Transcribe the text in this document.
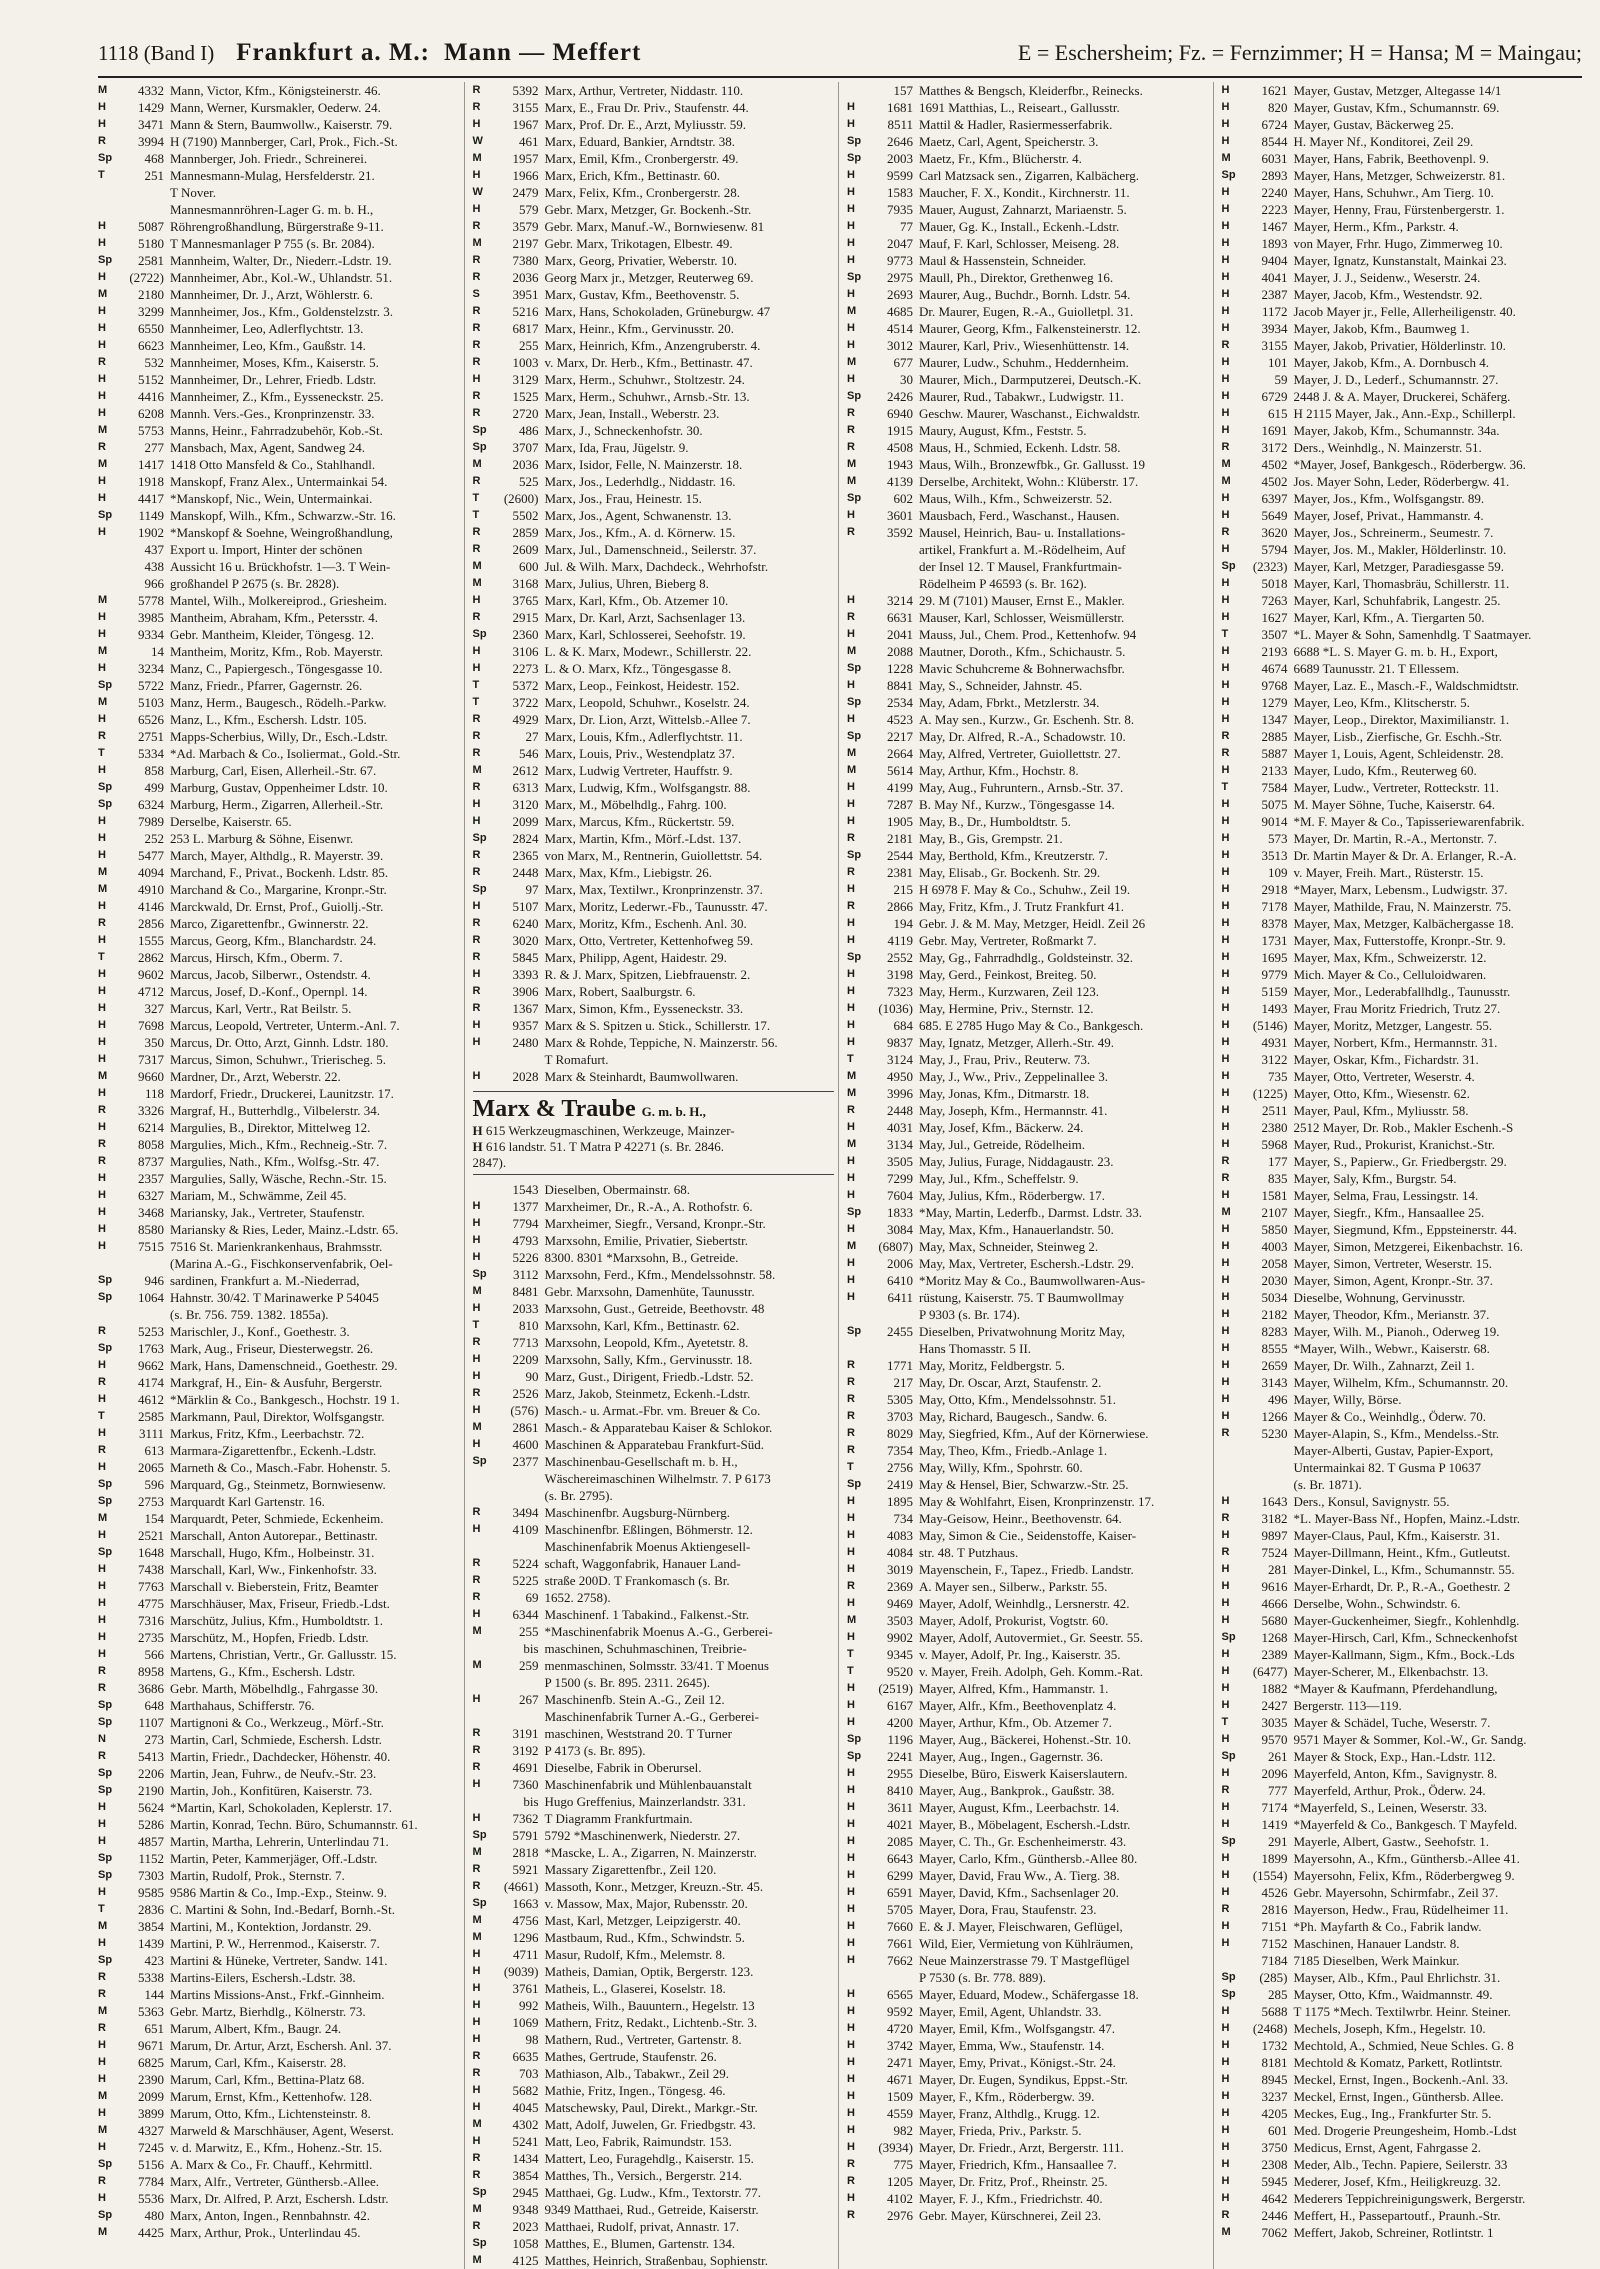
1118 (Band I) Frankfurt a. M.: Mann — Meffert	E = Eschersheim; Fz. = Fernzimmer; H = Hansa; M = Maingau;
M	4332 Mann, Victor, Kfm., Königsteinerstr. 46.
H	1429 Mann, Werner, Kursmakler, Oederw. 24.
H	3471 Mann & Stern, Baumwollw., Kaiserstr. 79.
R	3994 H (7190) Mannberger, Carl, Prok., Fich.-St.
Sp	468 Mannberger, Joh. Friedr., Schreinerei.
T	251 Mannesmann-Mulag, Hersfelderstr. 21.
T Nover.
Mannesmannröhren-Lager G. m. b. H.,
H	5087 Röhrengroßhandlung, Bürgerstraße 9-11.
H	5180 T Mannesmanlager P 755 (s. Br. 2084).
Sp	2581 Mannheim, Walter, Dr., Niederr.-Ldstr. 19.
H	(2722) Mannheimer, Abr., Kol.-W., Uhlandstr. 51.
M	2180 Mannheimer, Dr. J., Arzt, Wöhlerstr. 6.
H	3299 Mannheimer, Jos., Kfm., Goldenstelzstr. 3.
H	6550 Mannheimer, Leo, Adlerflychtstr. 13.
H	6623 Mannheimer, Leo, Kfm., Gaußstr. 14.
R	532 Mannheimer, Moses, Kfm., Kaiserstr. 5.
H	5152 Mannheimer, Dr., Lehrer, Friedb. Ldstr.
H	4416 Mannheimer, Z., Kfm., Eysseneckstr. 25.
H	6208 Mannh. Vers.-Ges., Kronprinzenstr. 33.
M	5753 Manns, Heinr., Fahrradzubehör, Kob.-St.
R	277 Mansbach, Max, Agent, Sandweg 24.
M	1417 1418 Otto Mansfeld & Co., Stahlhandl.
H	1918 Manskopf, Franz Alex., Untermainkai 54.
H	4417 *Manskopf, Nic., Wein, Untermainkai.
Sp	1149 Manskopf, Wilh., Kfm., Schwarzw.-Str. 16.
H	1902 *Manskopf & Soehne, Weingroßhandlung,
437 Export u. Import, Hinter der schönen
438 Aussicht 16 u. Brückhofstr. 1—3. T Wein-
966 großhandel P 2675 (s. Br. 2828).
M	5778 Mantel, Wilh., Molkereiprod., Griesheim.
H	3985 Mantheim, Abraham, Kfm., Petersstr. 4.
H	9334 Gebr. Mantheim, Kleider, Töngesg. 12.
M	14 Mantheim, Moritz, Kfm., Rob. Mayerstr.
H	3234 Manz, C., Papiergesch., Töngesgasse 10.
Sp	5722 Manz, Friedr., Pfarrer, Gagernstr. 26.
M	5103 Manz, Herm., Baugesch., Rödelh.-Parkw.
H	6526 Manz, L., Kfm., Eschersh. Ldstr. 105.
R	2751 Mapps-Scherbius, Willy, Dr., Esch.-Ldstr.
T	5334 *Ad. Marbach & Co., Isoliermat., Gold.-Str.
H	858 Marburg, Carl, Eisen, Allerheil.-Str. 67.
Sp	499 Marburg, Gustav, Oppenheimer Ldstr. 10.
Sp	6324 Marburg, Herm., Zigarren, Allerheil.-Str.
H	7989 Derselbe, Kaiserstr. 65.
H	252 253 L. Marburg & Söhne, Eisenwr.
H	5477 March, Mayer, Althdlg., R. Mayerstr. 39.
M	4094 Marchand, F., Privat., Bockenh. Ldstr. 85.
M	4910 Marchand & Co., Margarine, Kronpr.-Str.
H	4146 Marckwald, Dr. Ernst, Prof., Guiollj.-Str.
R	2856 Marco, Zigarettenfbr., Gwinnerstr. 22.
H	1555 Marcus, Georg, Kfm., Blanchardstr. 24.
T	2862 Marcus, Hirsch, Kfm., Oberm. 7.
H	9602 Marcus, Jacob, Silberwr., Ostendstr. 4.
H	4712 Marcus, Josef, D.-Konf., Opernpl. 14.
H	327 Marcus, Karl, Vertr., Rat Beilstr. 5.
H	7698 Marcus, Leopold, Vertreter, Unterm.-Anl. 7.
H	350 Marcus, Dr. Otto, Arzt, Ginnh. Ldstr. 180.
H	7317 Marcus, Simon, Schuhwr., Trierischeg. 5.
M	9660 Mardner, Dr., Arzt, Weberstr. 22.
H	118 Mardorf, Friedr., Druckerei, Launitzstr. 17.
R	3326 Margraf, H., Butterhdlg., Vilbelerstr. 34.
H	6214 Margulies, B., Direktor, Mittelweg 12.
R	8058 Margulies, Mich., Kfm., Rechneig.-Str. 7.
R	8737 Margulies, Nath., Kfm., Wolfsg.-Str. 47.
H	2357 Margulies, Sally, Wäsche, Rechn.-Str. 15.
H	6327 Mariam, M., Schwämme, Zeil 45.
H	3468 Mariansky, Jak., Vertreter, Staufenstr.
H	8580 Mariansky & Ries, Leder, Mainz.-Ldstr. 65.
H	7515 7516 St. Marienkrankenhaus, Brahmsstr.
(Marina A.-G., Fischkonservenfabrik, Oel-
Sp	946 sardinen, Frankfurt a. M.-Niederrad,
Sp	1064 Hahnstr. 30/42. T Marinawerke P 54045
(s. Br. 756. 759. 1382. 1855a).
R	5253 Marischler, J., Konf., Goethestr. 3.
Sp	1763 Mark, Aug., Friseur, Diesterwegstr. 26.
H	9662 Mark, Hans, Damenschneid., Goethestr. 29.
R	4174 Markgraf, H., Ein- & Ausfuhr, Bergerstr.
H	4612 *Märklin & Co., Bankgesch., Hochstr. 19 1.
T	2585 Markmann, Paul, Direktor, Wolfsgangstr.
H	3111 Markus, Fritz, Kfm., Leerbachstr. 72.
R	613 Marmara-Zigarettenfbr., Eckenh.-Ldstr.
H	2065 Marneth & Co., Masch.-Fabr. Hohenstr. 5.
Sp	596 Marquard, Gg., Steinmetz, Bornwiesenw.
Sp	2753 Marquardt Karl Gartenstr. 16.
M	154 Marquardt, Peter, Schmiede, Eckenheim.
H	2521 Marschall, Anton Autorepar., Bettinastr.
Sp	1648 Marschall, Hugo, Kfm., Holbeinstr. 31.
H	7438 Marschall, Karl, Ww., Finkenhofstr. 33.
H	7763 Marschall v. Bieberstein, Fritz, Beamter
H	4775 Marschhäuser, Max, Friseur, Friedb.-Ldst.
H	7316 Marschütz, Julius, Kfm., Humboldtstr. 1.
H	2735 Marschütz, M., Hopfen, Friedb. Ldstr.
H	566 Martens, Christian, Vertr., Gr. Gallusstr. 15.
R	8958 Martens, G., Kfm., Eschersh. Ldstr.
R	3686 Gebr. Marth, Möbelhdlg., Fahrgasse 30.
Sp	648 Marthahaus, Schifferstr. 76.
Sp	1107 Martignoni & Co., Werkzeug., Mörf.-Str.
N	273 Martin, Carl, Schmiede, Eschersh. Ldstr.
R	5413 Martin, Friedr., Dachdecker, Höhenstr. 40.
Sp	2206 Martin, Jean, Fuhrw., de Neufv.-Str. 23.
Sp	2190 Martin, Joh., Konfitüren, Kaiserstr. 73.
H	5624 *Martin, Karl, Schokoladen, Keplerstr. 17.
H	5286 Martin, Konrad, Techn. Büro, Schumannstr. 61.
H	4857 Martin, Martha, Lehrerin, Unterlindau 71.
Sp	1152 Martin, Peter, Kammerjäger, Off.-Ldstr.
Sp	7303 Martin, Rudolf, Prok., Sternstr. 7.
H	9585 9586 Martin & Co., Imp.-Exp., Steinw. 9.
T	2836 C. Martini & Sohn, Ind.-Bedarf, Bornh.-St.
M	3854 Martini, M., Kontektion, Jordanstr. 29.
H	1439 Martini, P. W., Herrenmod., Kaiserstr. 7.
Sp	423 Martini & Hüneke, Vertreter, Sandw. 141.
R	5338 Martins-Eilers, Eschersh.-Ldstr. 38.
R	144 Martins Missions-Anst., Frkf.-Ginnheim.
M	5363 Gebr. Martz, Bierhdlg., Kölnerstr. 73.
R	651 Marum, Albert, Kfm., Baugr. 24.
H	9671 Marum, Dr. Artur, Arzt, Eschersh. Anl. 37.
H	6825 Marum, Carl, Kfm., Kaiserstr. 28.
H	2390 Marum, Carl, Kfm., Bettina-Platz 68.
M	2099 Marum, Ernst, Kfm., Kettenhofw. 128.
H	3899 Marum, Otto, Kfm., Lichtensteinstr. 8.
M	4327 Marweld & Marschhäuser, Agent, Weserst.
H	7245 v. d. Marwitz, E., Kfm., Hohenz.-Str. 15.
Sp	5156 A. Marx & Co., Fr. Chauff., Kehrmittl.
R	7784 Marx, Alfr., Vertreter, Günthersb.-Allee.
H	5536 Marx, Dr. Alfred, P. Arzt, Eschersh. Ldstr.
Sp	480 Marx, Anton, Ingen., Rennbahnstr. 42.
M	4425 Marx, Arthur, Prok., Unterlindau 45.
R	5392 Marx, Arthur, Vertreter, Niddastr. 110.
R	3155 Marx, E., Frau Dr. Priv., Staufenstr. 44.
H	1967 Marx, Prof. Dr. E., Arzt, Myliusstr. 59.
W	461 Marx, Eduard, Bankier, Arndtstr. 38.
M	1957 Marx, Emil, Kfm., Cronbergerstr. 49.
H	1966 Marx, Erich, Kfm., Bettinastr. 60.
W	2479 Marx, Felix, Kfm., Cronbergerstr. 28.
H	579 Gebr. Marx, Metzger, Gr. Bockenh.-Str.
R	3579 Gebr. Marx, Manuf.-W., Bornwiesenw. 81
M	2197 Gebr. Marx, Trikotagen, Elbestr. 49.
R	7380 Marx, Georg, Privatier, Weberstr. 10.
R	2036 Georg Marx jr., Metzger, Reuterweg 69.
S	3951 Marx, Gustav, Kfm., Beethovenstr. 5.
R	5216 Marx, Hans, Schokoladen, Grüneburgw. 47
R	6817 Marx, Heinr., Kfm., Gervinusstr. 20.
R	255 Marx, Heinrich, Kfm., Anzengruberstr. 4.
R	1003 v. Marx, Dr. Herb., Kfm., Bettinastr. 47.
H	3129 Marx, Herm., Schuhwr., Stoltzestr. 24.
R	1525 Marx, Herm., Schuhwr., Arnsb.-Str. 13.
R	2720 Marx, Jean, Install., Weberstr. 23.
Sp	486 Marx, J., Schneckenhofstr. 30.
Sp	3707 Marx, Ida, Frau, Jügelstr. 9.
M	2036 Marx, Isidor, Felle, N. Mainzerstr. 18.
R	525 Marx, Jos., Lederhdlg., Niddastr. 16.
T	(2600) Marx, Jos., Frau, Heinestr. 15.
T	5502 Marx, Jos., Agent, Schwanenstr. 13.
R	2859 Marx, Jos., Kfm., A. d. Körnerw. 15.
R	2609 Marx, Jul., Damenschneid., Seilerstr. 37.
M	600 Jul. & Wilh. Marx, Dachdeck., Wehrhofstr.
M	3168 Marx, Julius, Uhren, Bieberg 8.
H	3765 Marx, Karl, Kfm., Ob. Atzemer 10.
R	2915 Marx, Dr. Karl, Arzt, Sachsenlager 13.
Sp	2360 Marx, Karl, Schlosserei, Seehofstr. 19.
H	3106 L. & K. Marx, Modewr., Schillerstr. 22.
H	2273 L. & O. Marx, Kfz., Töngesgasse 8.
T	5372 Marx, Leop., Feinkost, Heidestr. 152.
T	3722 Marx, Leopold, Schuhwr., Koselstr. 24.
R	4929 Marx, Dr. Lion, Arzt, Wittelsb.-Allee 7.
R	27 Marx, Louis, Kfm., Adlerflychtstr. 11.
R	546 Marx, Louis, Priv., Westendplatz 37.
M	2612 Marx, Ludwig Vertreter, Hauffstr. 9.
R	6313 Marx, Ludwig, Kfm., Wolfsgangstr. 88.
H	3120 Marx, M., Möbelhdlg., Fahrg. 100.
H	2099 Marx, Marcus, Kfm., Rückertstr. 59.
Sp	2824 Marx, Martin, Kfm., Mörf.-Ldst. 137.
R	2365 von Marx, M., Rentnerin, Guiollettstr. 54.
R	2448 Marx, Max, Kfm., Liebigstr. 26.
Sp	97 Marx, Max, Textilwr., Kronprinzenstr. 37.
H	5107 Marx, Moritz, Lederwr.-Fb., Taunusstr. 47.
R	6240 Marx, Moritz, Kfm., Eschenh. Anl. 30.
R	3020 Marx, Otto, Vertreter, Kettenhofweg 59.
R	5845 Marx, Philipp, Agent, Haidestr. 29.
H	3393 R. & J. Marx, Spitzen, Liebfrauenstr. 2.
R	3906 Marx, Robert, Saalburgstr. 6.
R	1367 Marx, Simon, Kfm., Eysseneckstr. 33.
H	9357 Marx & S. Spitzen u. Stick., Schillerstr. 17.
H	2480 Marx & Rohde, Teppiche, N. Mainzerstr. 56.
T Romafurt.
H	2028 Marx & Steinhardt, Baumwollwaren.
Marx & Traube G. m. b. H.,
H 615 Werkzeugmaschinen, Werkzeuge, Mainzer-
H 616 landstr. 51. T Matra P 42271 (s. Br. 2846.
2847).
1543 Dieselben, Obermainstr. 68.
H	1377 Marxheimer, Dr., R.-A., A. Rothofstr. 6.
H	7794 Marxheimer, Siegfr., Versand, Kronpr.-Str.
H	4793 Marxsohn, Emilie, Privatier, Siebertstr.
H	5226 8300. 8301 *Marxsohn, B., Getreide.
Sp	3112 Marxsohn, Ferd., Kfm., Mendelssohnstr. 58.
M	8481 Gebr. Marxsohn, Damenhüte, Taunusstr.
H	2033 Marxsohn, Gust., Getreide, Beethovstr. 48
T	810 Marxsohn, Karl, Kfm., Bettinastr. 62.
R	7713 Marxsohn, Leopold, Kfm., Ayetetstr. 8.
H	2209 Marxsohn, Sally, Kfm., Gervinusstr. 18.
H	90 Marz, Gust., Dirigent, Friedb.-Ldstr. 52.
R	2526 Marz, Jakob, Steinmetz, Eckenh.-Ldstr.
H	(576) Masch.- u. Armat.-Fbr. vm. Breuer & Co.
M	2861 Masch.- & Apparatebau Kaiser & Schlokor.
H	4600 Maschinen & Apparatebau Frankfurt-Süd.
Sp	2377 Maschinenbau-Gesellschaft m. b. H.,
Wäschereimaschinen Wilhelmstr. 7. P 6173
(s. Br. 2795).
R	3494 Maschinenfbr. Augsburg-Nürnberg.
H	4109 Maschinenfbr. Eßlingen, Böhmerstr. 12.
Maschinenfabrik Moenus Aktiengesell-
R	5224 schaft, Waggonfabrik, Hanauer Land-
R	5225 straße 200D. T Frankomasch (s. Br.
R	69 1652. 2758).
H	6344 Maschinenf. 1 Tabakind., Falkenst.-Str.
M	255 *Maschinenfabrik Moenus A.-G., Gerberei-
bis maschinen, Schuhmaschinen, Treibrie-
M	259 menmaschinen, Solmsstr. 33/41. T Moenus
P 1500 (s. Br. 895. 2311. 2645).
H	267 Maschinenfb. Stein A.-G., Zeil 12.
Maschinenfabrik Turner A.-G., Gerberei-
R	3191 maschinen, Weststrand 20. T Turner
R	3192 P 4173 (s. Br. 895).
R	4691 Dieselbe, Fabrik in Oberursel.
H	7360 Maschinenfabrik und Mühlenbauanstalt
bis Hugo Greffenius, Mainzerlandstr. 331.
H	7362 T Diagramm Frankfurtmain.
Sp	5791 5792 *Maschinenwerk, Niederstr. 27.
M	2818 *Mascke, L. A., Zigarren, N. Mainzerstr.
R	5921 Massary Zigarettenfbr., Zeil 120.
R	(4661) Massoth, Konr., Metzger, Kreuzn.-Str. 45.
Sp	1663 v. Massow, Max, Major, Rubensstr. 20.
M	4756 Mast, Karl, Metzger, Leipzigerstr. 40.
M	1296 Mastbaum, Rud., Kfm., Schwindstr. 5.
H	4711 Masur, Rudolf, Kfm., Melemstr. 8.
H	(9039) Matheis, Damian, Optik, Bergerstr. 123.
H	3761 Matheis, L., Glaserei, Koselstr. 18.
H	992 Matheis, Wilh., Bauuntern., Hegelstr. 13
H	1069 Mathern, Fritz, Redakt., Lichtenb.-Str. 3.
H	98 Mathern, Rud., Vertreter, Gartenstr. 8.
R	6635 Mathes, Gertrude, Staufenstr. 26.
R	703 Mathiason, Alb., Tabakwr., Zeil 29.
H	5682 Mathie, Fritz, Ingen., Töngesg. 46.
H	4045 Matschewsky, Paul, Direkt., Markgr.-Str.
M	4302 Matt, Adolf, Juwelen, Gr. Friedbgstr. 43.
H	5241 Matt, Leo, Fabrik, Raimundstr. 153.
R	1434 Mattert, Leo, Furagehdlg., Kaiserstr. 15.
R	3854 Matthes, Th., Versich., Bergerstr. 214.
Sp	2945 Matthaei, Gg. Ludw., Kfm., Textorstr. 77.
M	9348 9349 Matthaei, Rud., Getreide, Kaiserstr.
R	2023 Matthaei, Rudolf, privat, Annastr. 17.
Sp	1058 Matthes, E., Blumen, Gartenstr. 134.
M	4125 Matthes, Heinrich, Straßenbau, Sophienstr.
157 Matthes & Bengsch, Kleiderfbr., Reinecks.
H	1681 1691 Matthias, L., Reiseart., Gallusstr.
H	8511 Mattil & Hadler, Rasiermesserfabrik.
Sp	2646 Maetz, Carl, Agent, Speicherstr. 3.
Sp	2003 Maetz, Fr., Kfm., Blücherstr. 4.
H	9599 Carl Matzsack sen., Zigarren, Kalbächerg.
H	1583 Maucher, F. X., Kondit., Kirchnerstr. 11.
H	7935 Mauer, August, Zahnarzt, Mariaenstr. 5.
H	77 Mauer, Gg. K., Install., Eckenh.-Ldstr.
H	2047 Mauf, F. Karl, Schlosser, Meiseng. 28.
H	9773 Maul & Hassenstein, Schneider.
Sp	2975 Maull, Ph., Direktor, Grethenweg 16.
H	2693 Maurer, Aug., Buchdr., Bornh. Ldstr. 54.
M	4685 Dr. Maurer, Eugen, R.-A., Guiolletpl. 31.
H	4514 Maurer, Georg, Kfm., Falkensteinerstr. 12.
H	3012 Maurer, Karl, Priv., Wiesenhüttenstr. 14.
M	677 Maurer, Ludw., Schuhm., Heddernheim.
H	30 Maurer, Mich., Darmputzerei, Deutsch.-K.
Sp	2426 Maurer, Rud., Tabakwr., Ludwigstr. 11.
R	6940 Geschw. Maurer, Waschanst., Eichwaldstr.
R	1915 Maury, August, Kfm., Feststr. 5.
R	4508 Maus, H., Schmied, Eckenh. Ldstr. 58.
M	1943 Maus, Wilh., Bronzewfbk., Gr. Gallusst. 19
M	4139 Derselbe, Architekt, Wohn.: Klüberstr. 17.
Sp	602 Maus, Wilh., Kfm., Schweizerstr. 52.
H	3601 Mausbach, Ferd., Waschanst., Hausen.
R	3592 Mausel, Heinrich, Bau- u. Installations-
artikel, Frankfurt a. M.-Rödelheim, Auf
der Insel 12. T Mausel, Frankfurtmain-
Rödelheim P 46593 (s. Br. 162).
H	3214 29. M (7101) Mauser, Ernst E., Makler.
R	6631 Mauser, Karl, Schlosser, Weismüllerstr.
H	2041 Mauss, Jul., Chem. Prod., Kettenhofw. 94
M	2088 Mautner, Doroth., Kfm., Schichaustr. 5.
Sp	1228 Mavic Schuhcreme & Bohnerwachsfbr.
H	8841 May, S., Schneider, Jahnstr. 45.
Sp	2534 May, Adam, Fbrkt., Metzlerstr. 34.
H	4523 A. May sen., Kurzw., Gr. Eschenh. Str. 8.
Sp	2217 May, Dr. Alfred, R.-A., Schadowstr. 10.
M	2664 May, Alfred, Vertreter, Guiollettstr. 27.
M	5614 May, Arthur, Kfm., Hochstr. 8.
H	4199 May, Aug., Fuhruntern., Arnsb.-Str. 37.
H	7287 B. May Nf., Kurzw., Töngesgasse 14.
H	1905 May, B., Dr., Humboldtstr. 5.
R	2181 May, B., Gis, Grempstr. 21.
Sp	2544 May, Berthold, Kfm., Kreutzerstr. 7.
R	2381 May, Elisab., Gr. Bockenh. Str. 29.
H	215 H 6978 F. May & Co., Schuhw., Zeil 19.
R	2866 May, Fritz, Kfm., J. Trutz Frankfurt 41.
H	194 Gebr. J. & M. May, Metzger, Heidl. Zeil 26
H	4119 Gebr. May, Vertreter, Roßmarkt 7.
Sp	2552 May, Gg., Fahrradhdlg., Goldsteinstr. 32.
H	3198 May, Gerd., Feinkost, Breiteg. 50.
H	7323 May, Herm., Kurzwaren, Zeil 123.
H	(1036) May, Hermine, Priv., Sternstr. 12.
H	684 685. E 2785 Hugo May & Co., Bankgesch.
H	9837 May, Ignatz, Metzger, Allerh.-Str. 49.
T	3124 May, J., Frau, Priv., Reuterw. 73.
M	4950 May, J., Ww., Priv., Zeppelinallee 3.
M	3996 May, Jonas, Kfm., Ditmarstr. 18.
R	2448 May, Joseph, Kfm., Hermannstr. 41.
H	4031 May, Josef, Kfm., Bäckerw. 24.
M	3134 May, Jul., Getreide, Rödelheim.
H	3505 May, Julius, Furage, Niddagaustr. 23.
H	7299 May, Jul., Kfm., Scheffelstr. 9.
H	7604 May, Julius, Kfm., Röderbergw. 17.
Sp	1833 *May, Martin, Lederfb., Darmst. Ldstr. 33.
H	3084 May, Max, Kfm., Hanauerlandstr. 50.
M	(6807) May, Max, Schneider, Steinweg 2.
H	2006 May, Max, Vertreter, Eschersh.-Ldstr. 29.
H	6410 *Moritz May & Co., Baumwollwaren-Aus-
H	6411 rüstung, Kaiserstr. 75. T Baumwollmay
P 9303 (s. Br. 174).
Sp	2455 Dieselben, Privatwohnung Moritz May,
Hans Thomasstr. 5 II.
R	1771 May, Moritz, Feldbergstr. 5.
R	217 May, Dr. Oscar, Arzt, Staufenstr. 2.
R	5305 May, Otto, Kfm., Mendelssohnstr. 51.
R	3703 May, Richard, Baugesch., Sandw. 6.
R	8029 May, Siegfried, Kfm., Auf der Körnerwiese.
R	7354 May, Theo, Kfm., Friedb.-Anlage 1.
T	2756 May, Willy, Kfm., Spohrstr. 60.
Sp	2419 May & Hensel, Bier, Schwarzw.-Str. 25.
H	1895 May & Wohlfahrt, Eisen, Kronprinzenstr. 17.
H	734 May-Geisow, Heinr., Beethovenstr. 64.
H	4083 May, Simon & Cie., Seidenstoffe, Kaiser-
H	4084 str. 48. T Putzhaus.
H	3019 Mayenschein, F., Tapez., Friedb. Landstr.
R	2369 A. Mayer sen., Silberw., Parkstr. 55.
H	9469 Mayer, Adolf, Weinhdlg., Lersnerstr. 42.
M	3503 Mayer, Adolf, Prokurist, Vogtstr. 60.
H	9902 Mayer, Adolf, Autovermiet., Gr. Seestr. 55.
T	9345 v. Mayer, Adolf, Pr. Ing., Kaiserstr. 35.
T	9520 v. Mayer, Freih. Adolph, Geh. Komm.-Rat.
H	(2519) Mayer, Alfred, Kfm., Hammanstr. 1.
H	6167 Mayer, Alfr., Kfm., Beethovenplatz 4.
H	4200 Mayer, Arthur, Kfm., Ob. Atzemer 7.
Sp	1196 Mayer, Aug., Bäckerei, Hohenst.-Str. 10.
Sp	2241 Mayer, Aug., Ingen., Gagernstr. 36.
H	2955 Dieselbe, Büro, Eiswerk Kaiserslautern.
H	8410 Mayer, Aug., Bankprok., Gaußstr. 38.
H	3611 Mayer, August, Kfm., Leerbachstr. 14.
H	4021 Mayer, B., Möbelagent, Eschersh.-Ldstr.
H	2085 Mayer, C. Th., Gr. Eschenheimerstr. 43.
H	6643 Mayer, Carlo, Kfm., Günthersb.-Allee 80.
H	6299 Mayer, David, Frau Ww., A. Tierg. 38.
H	6591 Mayer, David, Kfm., Sachsenlager 20.
H	5705 Mayer, Dora, Frau, Staufenstr. 23.
H	7660 E. & J. Mayer, Fleischwaren, Geflügel,
H	7661 Wild, Eier, Vermietung von Kühlräumen,
H	7662 Neue Mainzerstrasse 79. T Mastgeflügel
P 7530 (s. Br. 778. 889).
H	6565 Mayer, Eduard, Modew., Schäfergasse 18.
H	9592 Mayer, Emil, Agent, Uhlandstr. 33.
H	4720 Mayer, Emil, Kfm., Wolfsgangstr. 47.
H	3742 Mayer, Emma, Ww., Staufenstr. 14.
H	2471 Mayer, Emy, Privat., Königst.-Str. 24.
H	4671 Mayer, Dr. Eugen, Syndikus, Eppst.-Str.
H	1509 Mayer, F., Kfm., Röderbergw. 39.
H	4559 Mayer, Franz, Althdlg., Krugg. 12.
H	982 Mayer, Frieda, Priv., Parkstr. 5.
H	(3934) Mayer, Dr. Friedr., Arzt, Bergerstr. 111.
R	775 Mayer, Friedrich, Kfm., Hansaallee 7.
R	1205 Mayer, Dr. Fritz, Prof., Rheinstr. 25.
H	4102 Mayer, F. J., Kfm., Friedrichstr. 40.
R	2976 Gebr. Mayer, Kürschnerei, Zeil 23.
H	1621 Mayer, Gustav, Metzger, Altegasse 14/1
H	820 Mayer, Gustav, Kfm., Schumannstr. 69.
H	6724 Mayer, Gustav, Bäckerweg 25.
H	8544 H. Mayer Nf., Konditorei, Zeil 29.
M	6031 Mayer, Hans, Fabrik, Beethovenpl. 9.
Sp	2893 Mayer, Hans, Metzger, Schweizerstr. 81.
H	2240 Mayer, Hans, Schuhwr., Am Tierg. 10.
H	2223 Mayer, Henny, Frau, Fürstenbergerstr. 1.
H	1467 Mayer, Herm., Kfm., Parkstr. 4.
H	1893 von Mayer, Frhr. Hugo, Zimmerweg 10.
H	9404 Mayer, Ignatz, Kunstanstalt, Mainkai 23.
H	4041 Mayer, J. J., Seidenw., Weserstr. 24.
H	2387 Mayer, Jacob, Kfm., Westendstr. 92.
H	1172 Jacob Mayer jr., Felle, Allerheiligenstr. 40.
H	3934 Mayer, Jakob, Kfm., Baumweg 1.
R	3155 Mayer, Jakob, Privatier, Hölderlinstr. 10.
H	101 Mayer, Jakob, Kfm., A. Dornbusch 4.
H	59 Mayer, J. D., Lederf., Schumannstr. 27.
H	6729 2448 J. & A. Mayer, Druckerei, Schäferg.
H	615 H 2115 Mayer, Jak., Ann.-Exp., Schillerpl.
H	1691 Mayer, Jakob, Kfm., Schumannstr. 34a.
R	3172 Ders., Weinhdlg., N. Mainzerstr. 51.
M	4502 *Mayer, Josef, Bankgesch., Röderbergw. 36.
M	4502 Jos. Mayer Sohn, Leder, Röderbergw. 41.
H	6397 Mayer, Jos., Kfm., Wolfsgangstr. 89.
H	5649 Mayer, Josef, Privat., Hammanstr. 4.
R	3620 Mayer, Jos., Schreinerm., Seumestr. 7.
H	5794 Mayer, Jos. M., Makler, Hölderlinstr. 10.
Sp	(2323) Mayer, Karl, Metzger, Paradiesgasse 59.
H	5018 Mayer, Karl, Thomasbräu, Schillerstr. 11.
H	7263 Mayer, Karl, Schuhfabrik, Langestr. 25.
H	1627 Mayer, Karl, Kfm., A. Tiergarten 50.
T	3507 *L. Mayer & Sohn, Samenhdlg. T Saatmayer.
H	2193 6688 *L. S. Mayer G. m. b. H., Export,
H	4674 6689 Taunusstr. 21. T Ellessem.
H	9768 Mayer, Laz. E., Masch.-F., Waldschmidtstr.
H	1279 Mayer, Leo, Kfm., Klitscherstr. 5.
H	1347 Mayer, Leop., Direktor, Maximilianstr. 1.
R	2885 Mayer, Lisb., Zierfische, Gr. Eschh.-Str.
R	5887 Mayer 1, Louis, Agent, Schleidenstr. 28.
H	2133 Mayer, Ludo, Kfm., Reuterweg 60.
T	7584 Mayer, Ludw., Vertreter, Rotteckstr. 11.
H	5075 M. Mayer Söhne, Tuche, Kaiserstr. 64.
H	9014 *M. F. Mayer & Co., Tapisseriewarenfabrik.
H	573 Mayer, Dr. Martin, R.-A., Mertonstr. 7.
H	3513 Dr. Martin Mayer & Dr. A. Erlanger, R.-A.
H	109 v. Mayer, Freih. Mart., Rüsterstr. 15.
H	2918 *Mayer, Marx, Lebensm., Ludwigstr. 37.
H	7178 Mayer, Mathilde, Frau, N. Mainzerstr. 75.
H	8378 Mayer, Max, Metzger, Kalbächergasse 18.
H	1731 Mayer, Max, Futterstoffe, Kronpr.-Str. 9.
H	1695 Mayer, Max, Kfm., Schweizerstr. 12.
H	9779 Mich. Mayer & Co., Celluloidwaren.
H	5159 Mayer, Mor., Lederabfallhdlg., Taunusstr.
H	1493 Mayer, Frau Moritz Friedrich, Trutz 27.
H	(5146) Mayer, Moritz, Metzger, Langestr. 55.
H	4931 Mayer, Norbert, Kfm., Hermannstr. 31.
H	3122 Mayer, Oskar, Kfm., Fichardstr. 31.
H	735 Mayer, Otto, Vertreter, Weserstr. 4.
H	(1225) Mayer, Otto, Kfm., Wiesenstr. 62.
H	2511 Mayer, Paul, Kfm., Myliusstr. 58.
H	2380 2512 Mayer, Dr. Rob., Makler Eschenh.-S
H	5968 Mayer, Rud., Prokurist, Kranichst.-Str.
R	177 Mayer, S., Papierw., Gr. Friedbergstr. 29.
R	835 Mayer, Saly, Kfm., Burgstr. 54.
H	1581 Mayer, Selma, Frau, Lessingstr. 14.
M	2107 Mayer, Siegfr., Kfm., Hansaallee 25.
H	5850 Mayer, Siegmund, Kfm., Eppsteinerstr. 44.
H	4003 Mayer, Simon, Metzgerei, Eikenbachstr. 16.
H	2058 Mayer, Simon, Vertreter, Weserstr. 15.
H	2030 Mayer, Simon, Agent, Kronpr.-Str. 37.
H	5034 Dieselbe, Wohnung, Gervinusstr.
H	2182 Mayer, Theodor, Kfm., Merianstr. 37.
H	8283 Mayer, Wilh. M., Pianoh., Oderweg 19.
H	8555 *Mayer, Wilh., Webwr., Kaiserstr. 68.
H	2659 Mayer, Dr. Wilh., Zahnarzt, Zeil 1.
H	3143 Mayer, Wilhelm, Kfm., Schumannstr. 20.
H	496 Mayer, Willy, Börse.
H	1266 Mayer & Co., Weinhdlg., Öderw. 70.
R	5230 Mayer-Alapin, S., Kfm., Mendelss.-Str.
Mayer-Alberti, Gustav, Papier-Export,
Untermainkai 82. T Gusma P 10637
(s. Br. 1871).
H	1643 Ders., Konsul, Savignystr. 55.
R	3182 *L. Mayer-Bass Nf., Hopfen, Mainz.-Ldstr.
H	9897 Mayer-Claus, Paul, Kfm., Kaiserstr. 31.
R	7524 Mayer-Dillmann, Heint., Kfm., Gutleutst.
H	281 Mayer-Dinkel, L., Kfm., Schumannstr. 55.
H	9616 Mayer-Erhardt, Dr. P., R.-A., Goethestr. 2
H	4666 Derselbe, Wohn., Schwindstr. 6.
H	5680 Mayer-Guckenheimer, Siegfr., Kohlenhdlg.
Sp	1268 Mayer-Hirsch, Carl, Kfm., Schneckenhofst
H	2389 Mayer-Kallmann, Sigm., Kfm., Bock.-Lds
H	(6477) Mayer-Scherer, M., Elkenbachstr. 13.
H	1882 *Mayer & Kaufmann, Pferdehandlung,
H	2427 Bergerstr. 113—119.
T	3035 Mayer & Schädel, Tuche, Weserstr. 7.
H	9570 9571 Mayer & Sommer, Kol.-W., Gr. Sandg.
Sp	261 Mayer & Stock, Exp., Han.-Ldstr. 112.
H	2096 Mayerfeld, Anton, Kfm., Savignystr. 8.
R	777 Mayerfeld, Arthur, Prok., Öderw. 24.
H	7174 *Mayerfeld, S., Leinen, Weserstr. 33.
H	1419 *Mayerfeld & Co., Bankgesch. T Mayfeld.
Sp	291 Mayerle, Albert, Gastw., Seehofstr. 1.
H	1899 Mayersohn, A., Kfm., Günthersb.-Allee 41.
H	(1554) Mayersohn, Felix, Kfm., Röderbergweg 9.
H	4526 Gebr. Mayersohn, Schirmfabr., Zeil 37.
R	2816 Mayerson, Hedw., Frau, Rüdelheimer 11.
H	7151 *Ph. Mayfarth & Co., Fabrik landw.
H	7152 Maschinen, Hanauer Landstr. 8.
7184 7185 Dieselben, Werk Mainkur.
Sp	(285) Mayser, Alb., Kfm., Paul Ehrlichstr. 31.
Sp	285 Mayser, Otto, Kfm., Waidmannstr. 49.
H	5688 T 1175 *Mech. Textilwrbr. Heinr. Steiner.
H	(2468) Mechels, Joseph, Kfm., Hegelstr. 10.
H	1732 Mechtold, A., Schmied, Neue Schles. G. 8
H	8181 Mechtold & Komatz, Parkett, Rotlintstr.
H	8945 Meckel, Ernst, Ingen., Bockenh.-Anl. 33.
H	3237 Meckel, Ernst, Ingen., Günthersb. Allee.
H	4205 Meckes, Eug., Ing., Frankfurter Str. 5.
H	601 Med. Drogerie Preungesheim, Homb.-Ldst
H	3750 Medicus, Ernst, Agent, Fahrgasse 2.
H	2308 Meder, Alb., Techn. Papiere, Seilerstr. 33
H	5945 Mederer, Josef, Kfm., Heiligkreuzg. 32.
H	4642 Mederers Teppichreinigungswerk, Bergerstr.
R	2446 Meffert, H., Passepartoutf., Praunh.-Str.
M	7062 Meffert, Jakob, Schreiner, Rotlintstr. 1
